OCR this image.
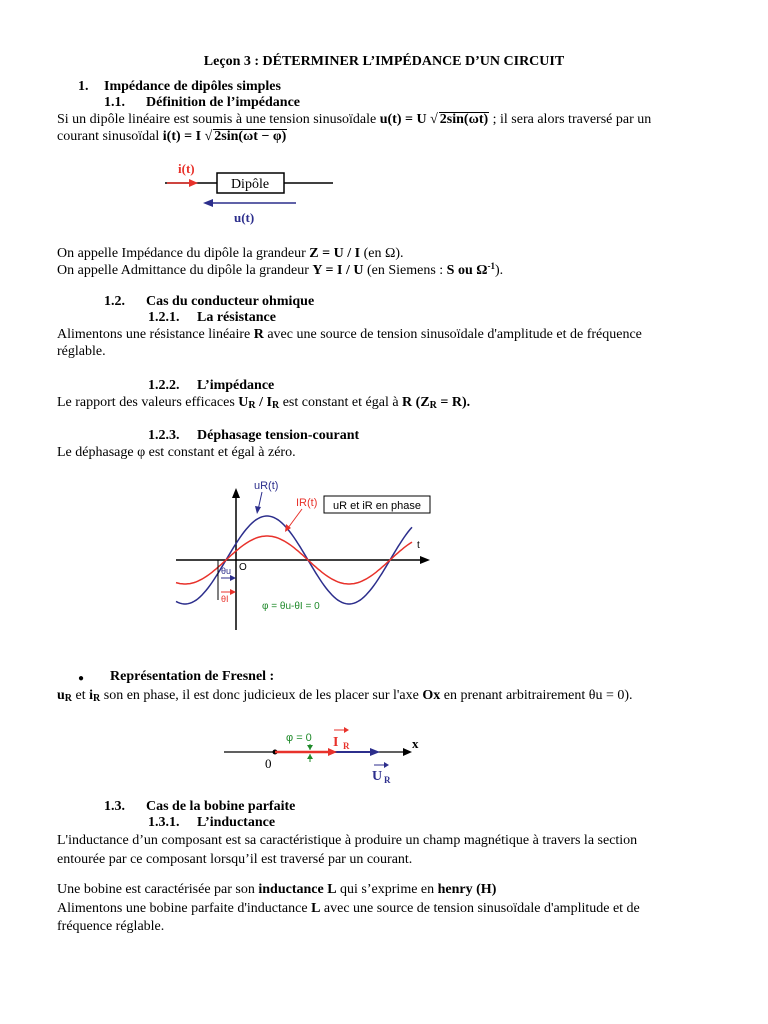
Leçon 3 : DÉTERMINER L’IMPÉDANCE D’UN CIRCUIT
1. Impédance de dipôles simples
1.1. Définition de l’impédance
Si un dipôle linéaire est soumis à une tension sinusoïdale u(t) = U √ 2sin(ωt) ; il sera alors traversé par un
courant sinusoïdal i(t) = I √ 2sin(ωt − φ)
Dipôle
i(t)
u(t)
On appelle Impédance du dipôle la grandeur Z = U / I (en Ω).
On appelle Admittance du dipôle la grandeur Y = I / U (en Siemens : S ou $\Omega^{-1}$).
1.2. Cas du conducteur ohmique
1.2.1. La résistance
Alimentons une résistance linéaire R avec une source de tension sinusoïdale d'amplitude et de fréquence
réglable.
1.2.2. L’impédance
Le rapport des valeurs efficaces UR / IR est constant et égal à R (ZR = R).
1.2.3. Déphasage tension-courant
Le déphasage φ est constant et égal à zéro.
θu
θI
O
t
uR(t)
IR(t) uR et iR en phase
φ = θu-θI = 0
● Représentation de Fresnel :
uR et iR son en phase, il est donc judicieux de les placer sur l'axe Ox en prenant arbitrairement θu = 0).
φ = 0 I R
U R
x
0
1.3. Cas de la bobine parfaite
1.3.1. L’inductance
L'inductance d’un composant est sa caractéristique à produire un champ magnétique à travers la section
entourée par ce composant lorsqu’il est traversé par un courant.
Une bobine est caractérisée par son inductance L qui s’exprime en henry (H)
Alimentons une bobine parfaite d'inductance L avec une source de tension sinusoïdale d'amplitude et de
fréquence réglable.
